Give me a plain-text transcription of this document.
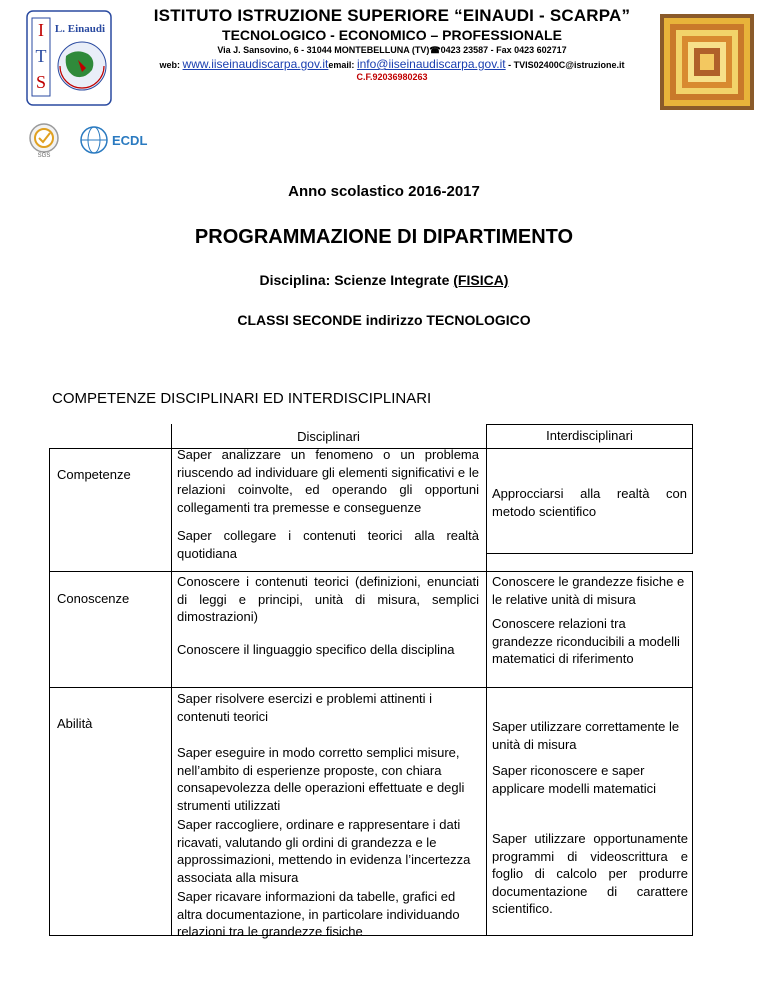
I
T
S
L. Einaudi
ISTITUTO ISTRUZIONE SUPERIORE “EINAUDI - SCARPA”
TECNOLOGICO - ECONOMICO – PROFESSIONALE
Via J. Sansovino, 6 - 31044 MONTEBELLUNA (TV)☎0423 23587 - Fax 0423 602717
web: www.iiseinaudiscarpa.gov.itemail: info@iiseinaudiscarpa.gov.it - TVIS02400C@istruzione.it
C.F.92036980263
SGS
ECDL
Anno scolastico 2016-2017
PROGRAMMAZIONE DI DIPARTIMENTO
Disciplina: Scienze Integrate (FISICA)
CLASSI SECONDE indirizzo TECNOLOGICO
COMPETENZE DISCIPLINARI ED INTERDISCIPLINARI
Disciplinari	Interdisciplinari
Competenze
Saper analizzare un fenomeno o un problema riuscendo ad individuare gli elementi significativi e le relazioni coinvolte, ed operando gli opportuni collegamenti tra premesse e conseguenze
Saper collegare i contenuti teorici alla realtà quotidiana
Approcciarsi alla realtà con metodo scientifico
Conoscenze
Conoscere i contenuti teorici (definizioni, enunciati di leggi e principi, unità di misura, semplici dimostrazioni)
Conoscere il linguaggio specifico della disciplina
Conoscere le grandezze fisiche e le relative unità di misura
Conoscere relazioni tra grandezze riconducibili a modelli matematici di riferimento
Abilità
Saper risolvere esercizi e problemi attinenti i contenuti teorici
Saper eseguire in modo corretto semplici misure, nell’ambito di esperienze proposte, con chiara consapevolezza delle operazioni effettuate e degli strumenti utilizzati
Saper raccogliere, ordinare e rappresentare i dati ricavati, valutando gli ordini di grandezza e le approssimazioni, mettendo in evidenza l’incertezza associata alla misura
Saper ricavare informazioni da tabelle, grafici ed altra documentazione, in particolare individuando relazioni tra le grandezze fisiche
Saper utilizzare correttamente le unità di misura
Saper riconoscere e saper applicare modelli matematici
Saper utilizzare opportunamente programmi di videoscrittura e foglio di calcolo per produrre documentazione di carattere scientifico.
